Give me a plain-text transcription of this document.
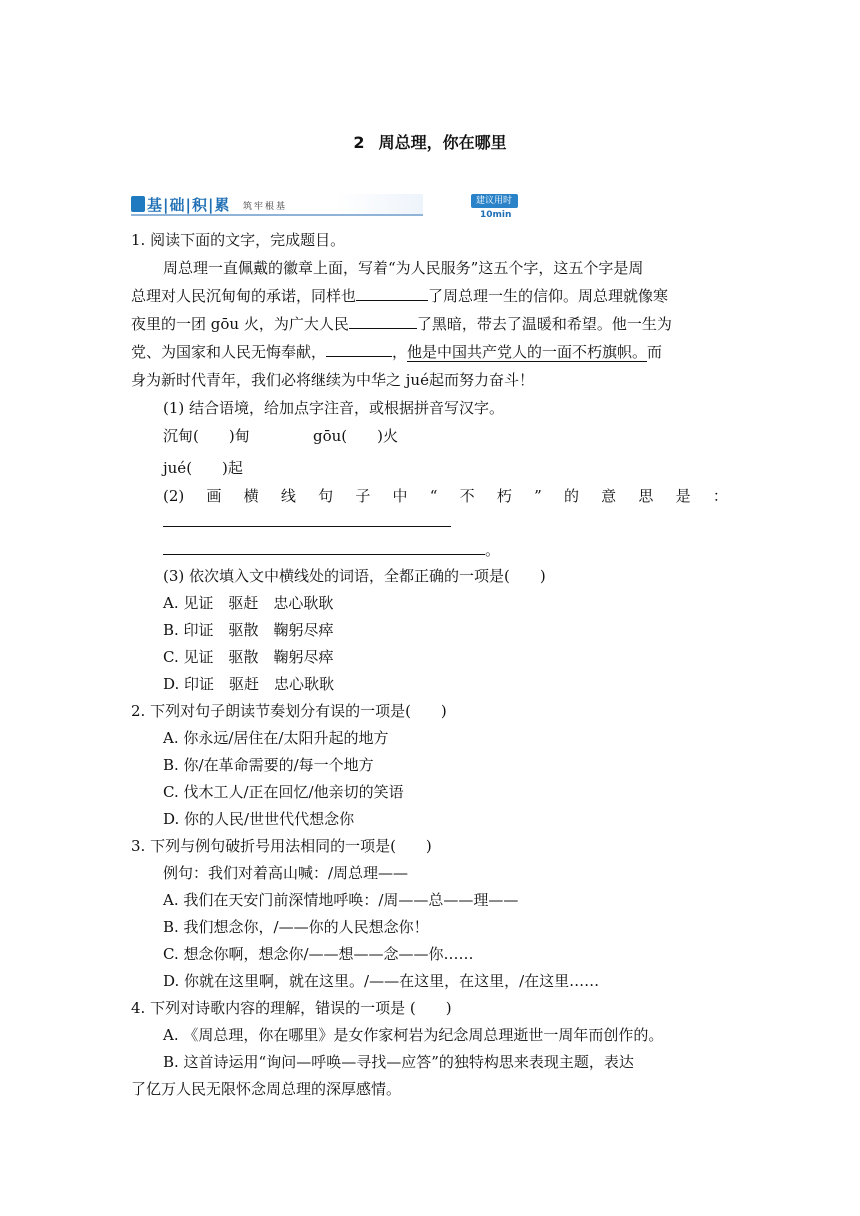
2 周总理，你在哪里
基|础|积|累 筑牢根基
建议用时10min
1. 阅读下面的文字，完成题目。
周总理一直佩戴的徽章上面，写着“为人民服务”这五个字，这五个字是周
总理对人民沉甸甸的承诺，同样也	了周总理一生的信仰。周总理就像寒
夜里的一团 gōu 火，为广大人民	了黑暗，带去了温暖和希望。他一生为
党、为国家和人民无悔奉献，	，他是中国共产党人的一面不朽旗帜。而
身为新时代青年，我们必将继续为中华之 jué起而努力奋斗！
(1) 结合语境，给加点字注音，或根据拼音写汉字。
沉甸(　　)甸	gōu(　　)火
jué(　　)起
(2) 画 横 线 句 子 中 “ 不 朽 ” 的 意 思 是 ：
。
(3) 依次填入文中横线处的词语，全都正确的一项是(　　)
A. 见证　驱赶　忠心耿耿
B. 印证　驱散　鞠躬尽瘁
C. 见证　驱散　鞠躬尽瘁
D. 印证　驱赶　忠心耿耿
2. 下列对句子朗读节奏划分有误的一项是(　　)
A. 你永远/居住在/太阳升起的地方
B. 你/在革命需要的/每一个地方
C. 伐木工人/正在回忆/他亲切的笑语
D. 你的人民/世世代代想念你
3. 下列与例句破折号用法相同的一项是(　　)
例句：我们对着高山喊：/周总理——
A. 我们在天安门前深情地呼唤：/周——总——理——
B. 我们想念你，/——你的人民想念你！
C. 想念你啊，想念你/——想——念——你……
D. 你就在这里啊，就在这里。/——在这里，在这里，/在这里……
4. 下列对诗歌内容的理解，错误的一项是 (　　)
A. 《周总理，你在哪里》是女作家柯岩为纪念周总理逝世一周年而创作的。
B. 这首诗运用“询问—呼唤—寻找—应答”的独特构思来表现主题，表达
了亿万人民无限怀念周总理的深厚感情。
